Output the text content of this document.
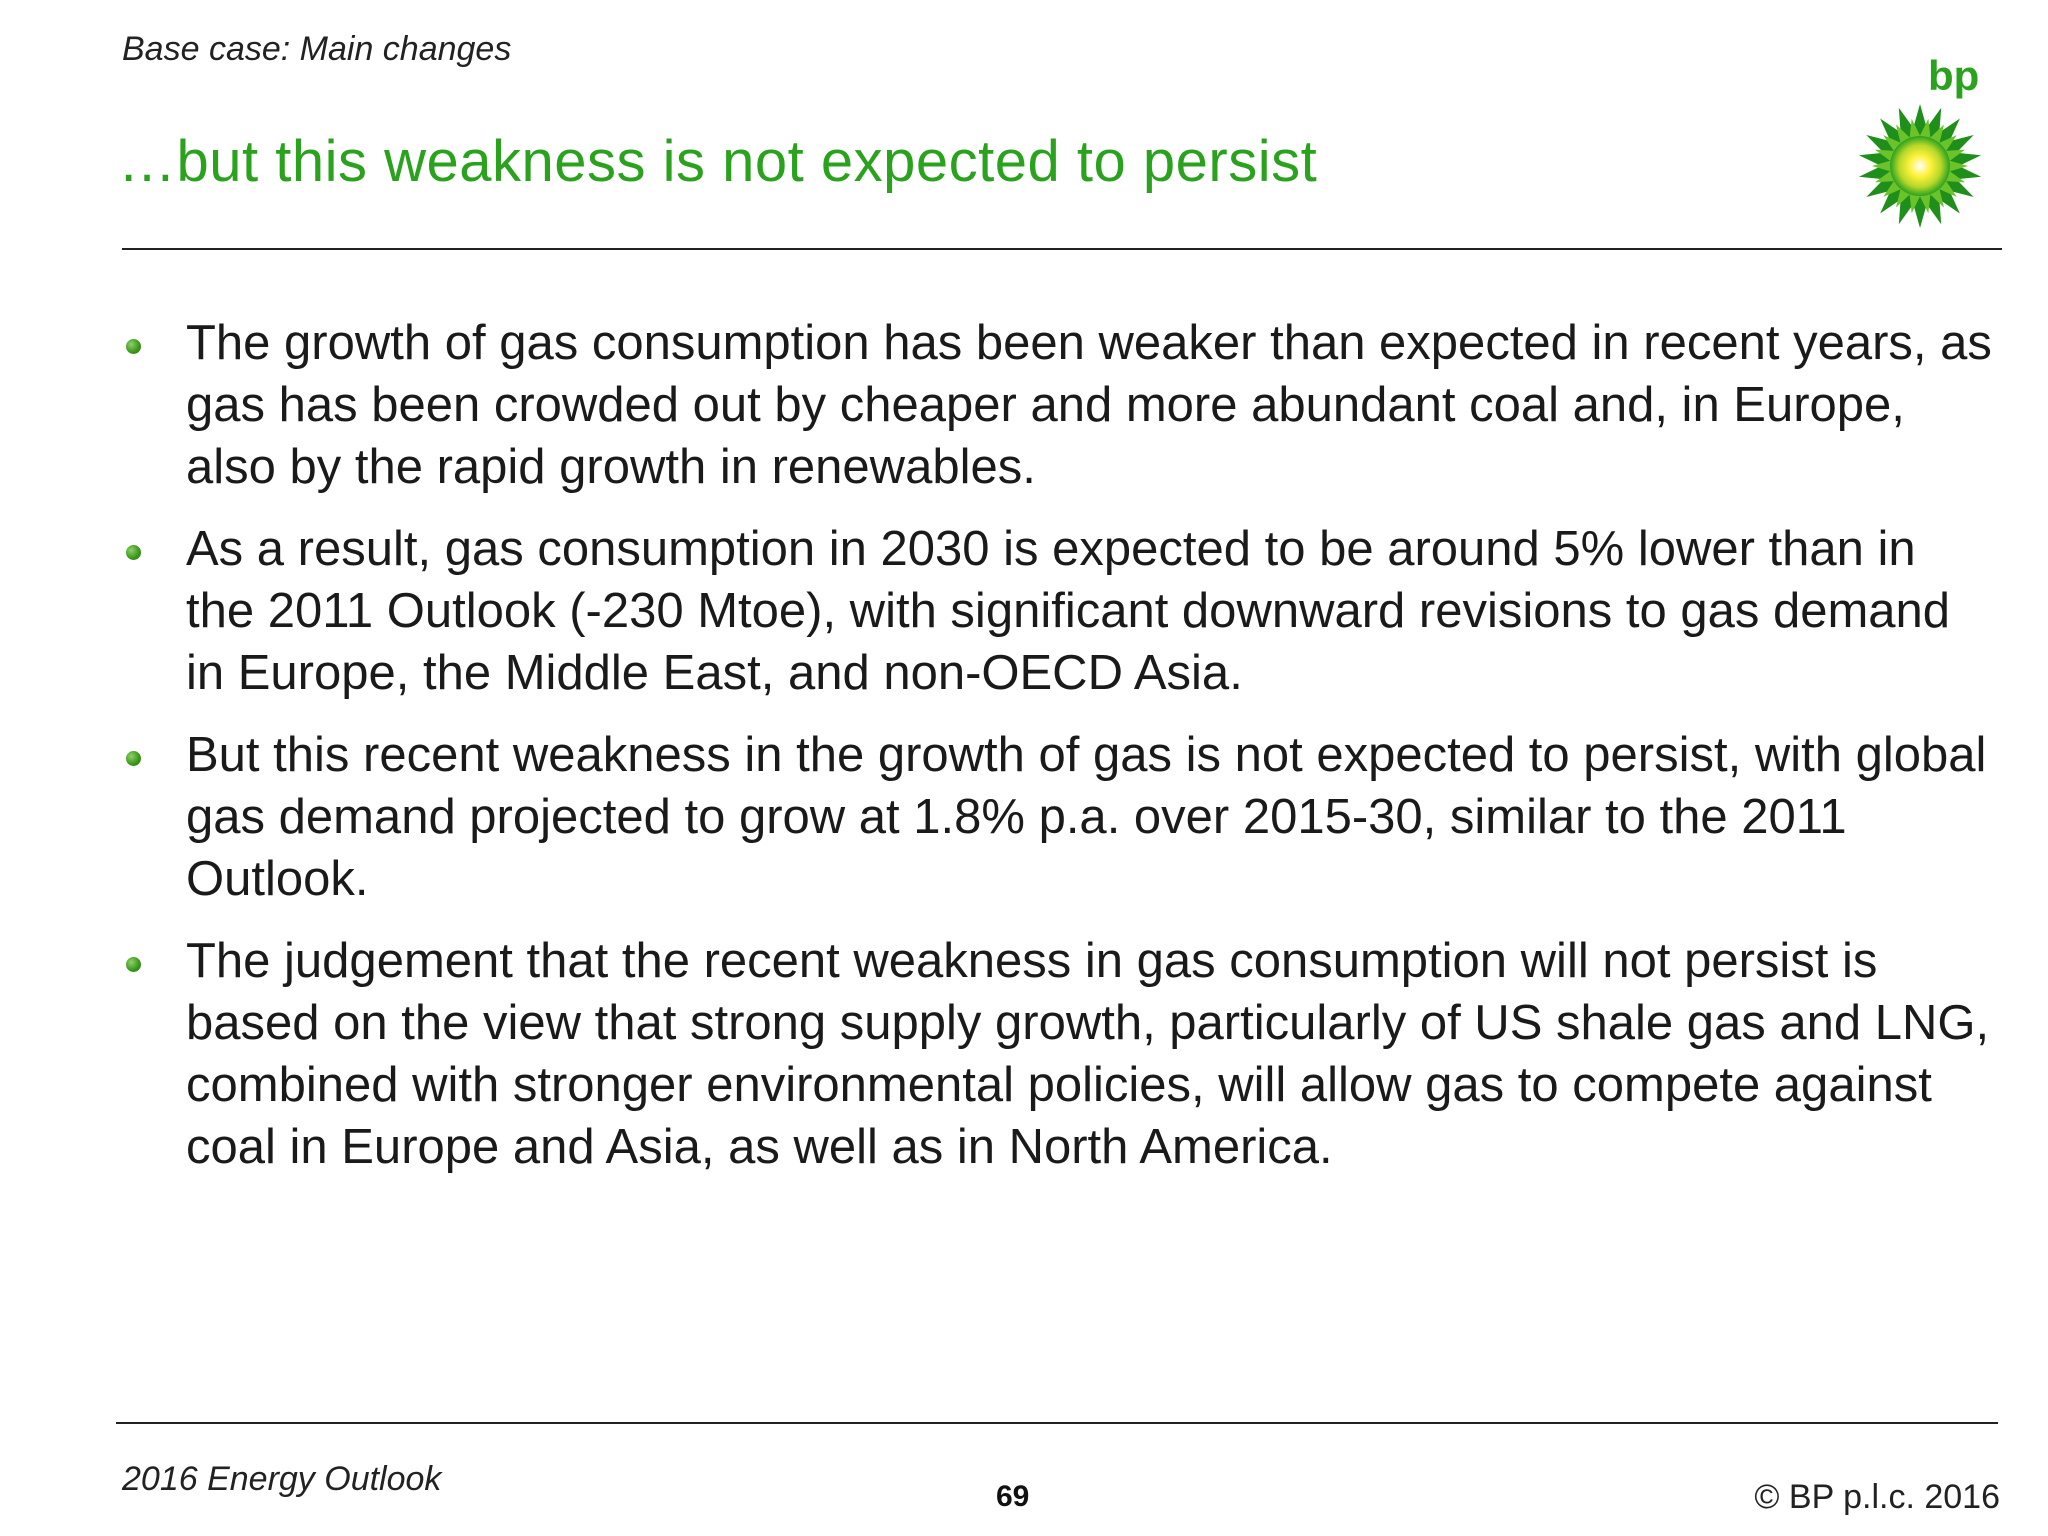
Base case: Main changes
…but this weakness is not expected to persist
bp
The growth of gas consumption has been weaker than expected in recent years, as gas has been crowded out by cheaper and more abundant coal and, in Europe, also by the rapid growth in renewables.
As a result, gas consumption in 2030 is expected to be around 5% lower than in the 2011 Outlook (-230 Mtoe), with significant downward revisions to gas demand in Europe, the Middle East, and non-OECD Asia.
But this recent weakness in the growth of gas is not expected to persist, with global gas demand projected to grow at 1.8% p.a. over 2015-30, similar to the 2011 Outlook.
The judgement that the recent weakness in gas consumption will not persist is based on the view that strong supply growth, particularly of US shale gas and LNG, combined with stronger environmental policies, will allow gas to compete against coal in Europe and Asia, as well as in North America.
2016 Energy Outlook	69	© BP p.l.c. 2016
